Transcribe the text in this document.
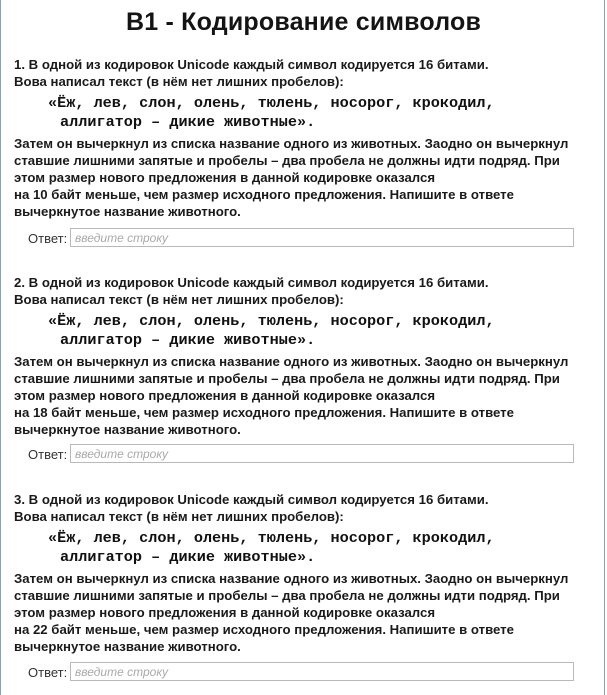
B1 - Кодирование символов

1. В одной из кодировок Unicode каждый символ кодируется 16 битами.
Вова написал текст (в нём нет лишних пробелов):

«Ёж, лев, слон, олень, тюлень, носорог, крокодил,
аллигатор – дикие животные».

Затем он вычеркнул из списка название одного из животных. Заодно он вычеркнул
ставшие лишними запятые и пробелы – два пробела не должны идти подряд. При
этом размер нового предложения в данной кодировке оказался
на 10 байт меньше, чем размер исходного предложения. Напишите в ответе
вычеркнутое название животного.

Ответ:
введите строку

2. В одной из кодировок Unicode каждый символ кодируется 16 битами.
Вова написал текст (в нём нет лишних пробелов):

«Ёж, лев, слон, олень, тюлень, носорог, крокодил,
аллигатор – дикие животные».

Затем он вычеркнул из списка название одного из животных. Заодно он вычеркнул
ставшие лишними запятые и пробелы – два пробела не должны идти подряд. При
этом размер нового предложения в данной кодировке оказался
на 18 байт меньше, чем размер исходного предложения. Напишите в ответе
вычеркнутое название животного.

Ответ:
введите строку

3. В одной из кодировок Unicode каждый символ кодируется 16 битами.
Вова написал текст (в нём нет лишних пробелов):

«Ёж, лев, слон, олень, тюлень, носорог, крокодил,
аллигатор – дикие животные».

Затем он вычеркнул из списка название одного из животных. Заодно он вычеркнул
ставшие лишними запятые и пробелы – два пробела не должны идти подряд. При
этом размер нового предложения в данной кодировке оказался
на 22 байт меньше, чем размер исходного предложения. Напишите в ответе
вычеркнутое название животного.

Ответ:
введите строку
